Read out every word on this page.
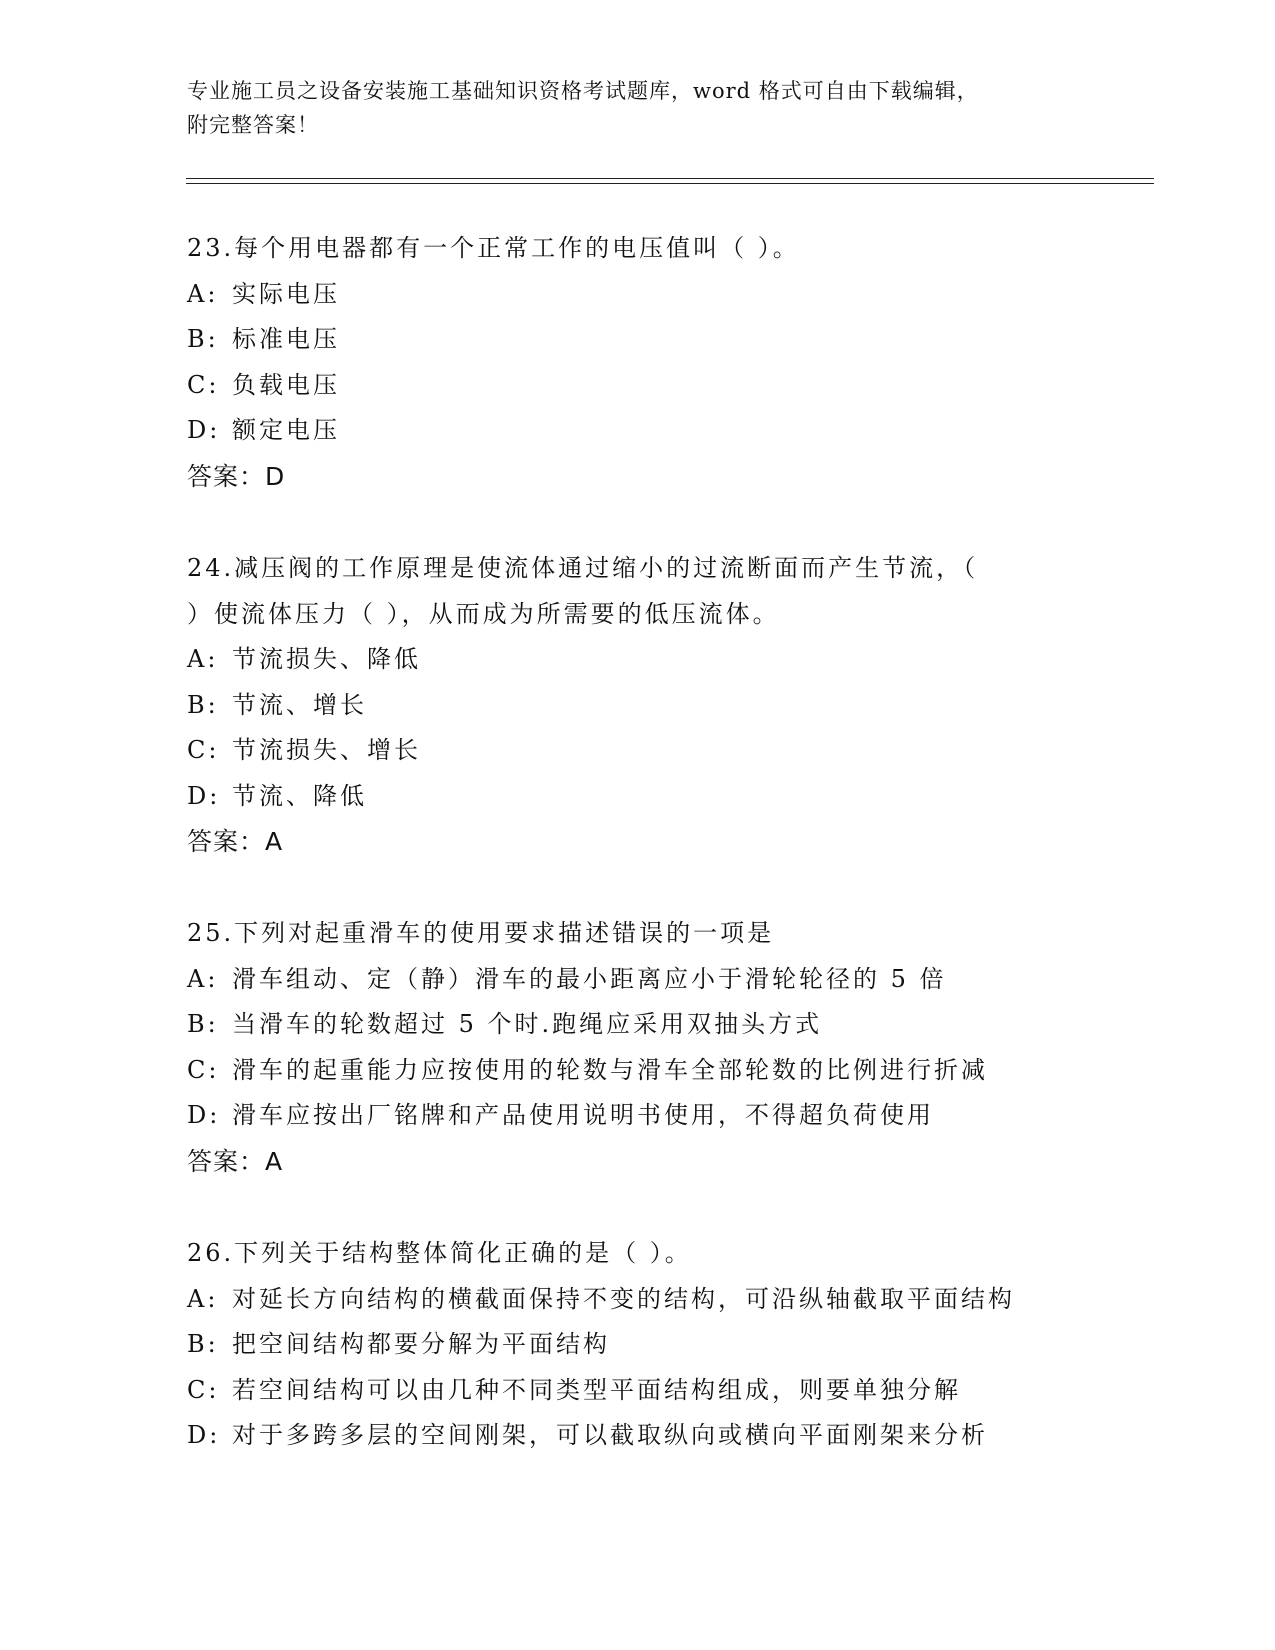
专业施工员之设备安装施工基础知识资格考试题库，word 格式可自由下载编辑，
附完整答案！
23.每个用电器都有一个正常工作的电压值叫（ ）。
A: 实际电压
B: 标准电压
C: 负载电压
D: 额定电压
答案：D
24.减压阀的工作原理是使流体通过缩小的过流断面而产生节流，（
）使流体压力（ ），从而成为所需要的低压流体。
A: 节流损失、降低
B: 节流、增长
C: 节流损失、增长
D: 节流、降低
答案：A
25.下列对起重滑车的使用要求描述错误的一项是
A: 滑车组动、定（静）滑车的最小距离应小于滑轮轮径的 5 倍
B: 当滑车的轮数超过 5 个时.跑绳应采用双抽头方式
C: 滑车的起重能力应按使用的轮数与滑车全部轮数的比例进行折减
D: 滑车应按出厂铭牌和产品使用说明书使用，不得超负荷使用
答案：A
26.下列关于结构整体简化正确的是（ ）。
A: 对延长方向结构的横截面保持不变的结构，可沿纵轴截取平面结构
B: 把空间结构都要分解为平面结构
C: 若空间结构可以由几种不同类型平面结构组成，则要单独分解
D: 对于多跨多层的空间刚架，可以截取纵向或横向平面刚架来分析
